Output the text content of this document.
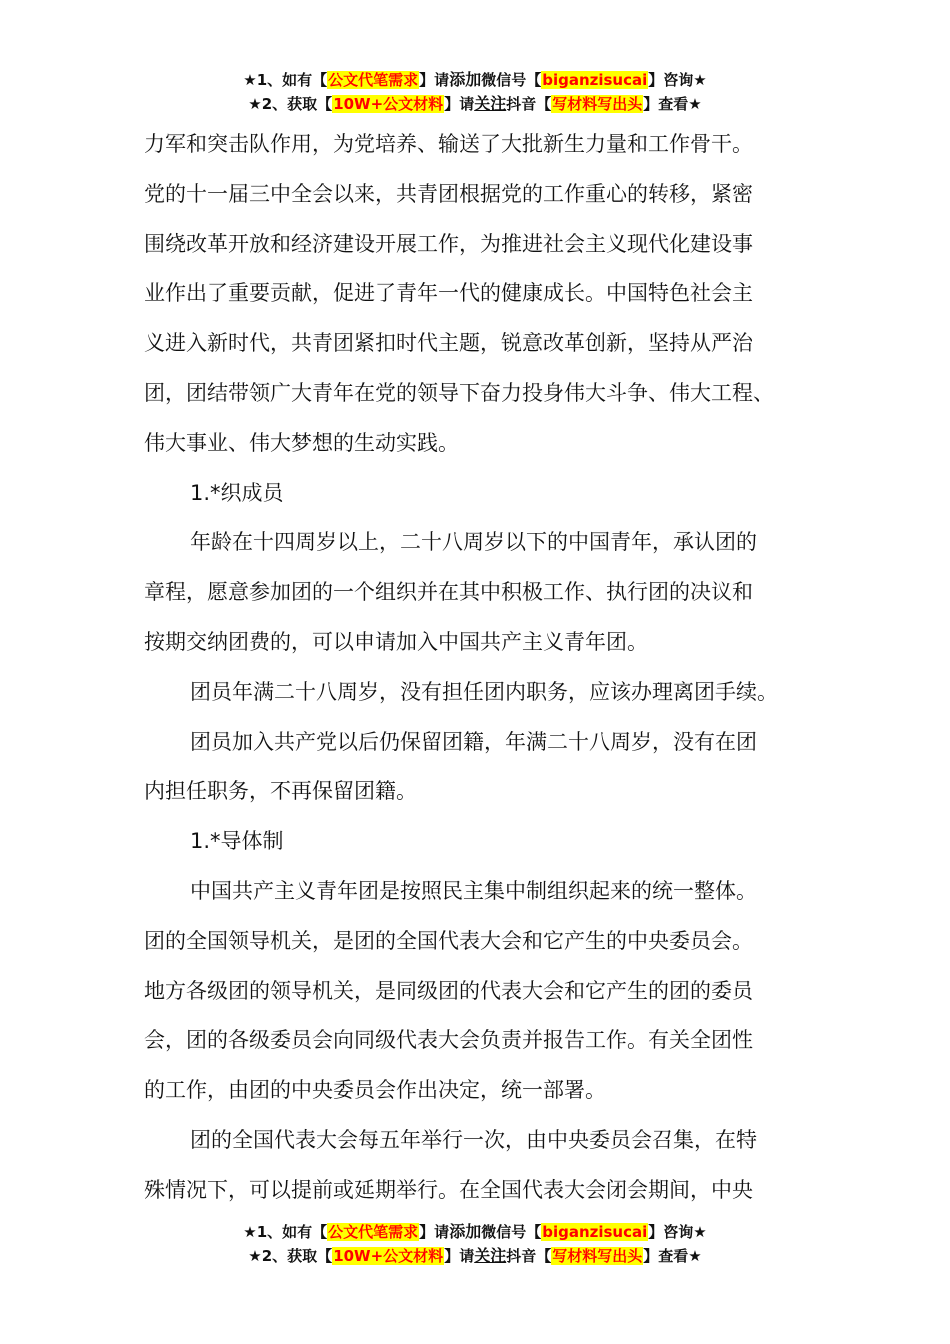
★1、如有【公文代笔需求】请添加微信号【biganzisucai】咨询★
★2、获取【10W+公文材料】请关注抖音【写材料写出头】查看★

力军和突击队作用，为党培养、输送了大批新生力量和工作骨干。

党的十一届三中全会以来，共青团根据党的工作重心的转移，紧密

围绕改革开放和经济建设开展工作，为推进社会主义现代化建设事

业作出了重要贡献，促进了青年一代的健康成长。中国特色社会主

义进入新时代，共青团紧扣时代主题，锐意改革创新，坚持从严治

团，团结带领广大青年在党的领导下奋力投身伟大斗争、伟大工程、

伟大事业、伟大梦想的生动实践。

1.*织成员

年龄在十四周岁以上，二十八周岁以下的中国青年，承认团的

章程，愿意参加团的一个组织并在其中积极工作、执行团的决议和

按期交纳团费的，可以申请加入中国共产主义青年团。

团员年满二十八周岁，没有担任团内职务，应该办理离团手续。

团员加入共产党以后仍保留团籍，年满二十八周岁，没有在团

内担任职务，不再保留团籍。

1.*导体制

中国共产主义青年团是按照民主集中制组织起来的统一整体。

团的全国领导机关，是团的全国代表大会和它产生的中央委员会。

地方各级团的领导机关，是同级团的代表大会和它产生的团的委员

会，团的各级委员会向同级代表大会负责并报告工作。有关全团性

的工作，由团的中央委员会作出决定，统一部署。

团的全国代表大会每五年举行一次，由中央委员会召集，在特

殊情况下，可以提前或延期举行。在全国代表大会闭会期间，中央

★1、如有【公文代笔需求】请添加微信号【biganzisucai】咨询★
★2、获取【10W+公文材料】请关注抖音【写材料写出头】查看★
